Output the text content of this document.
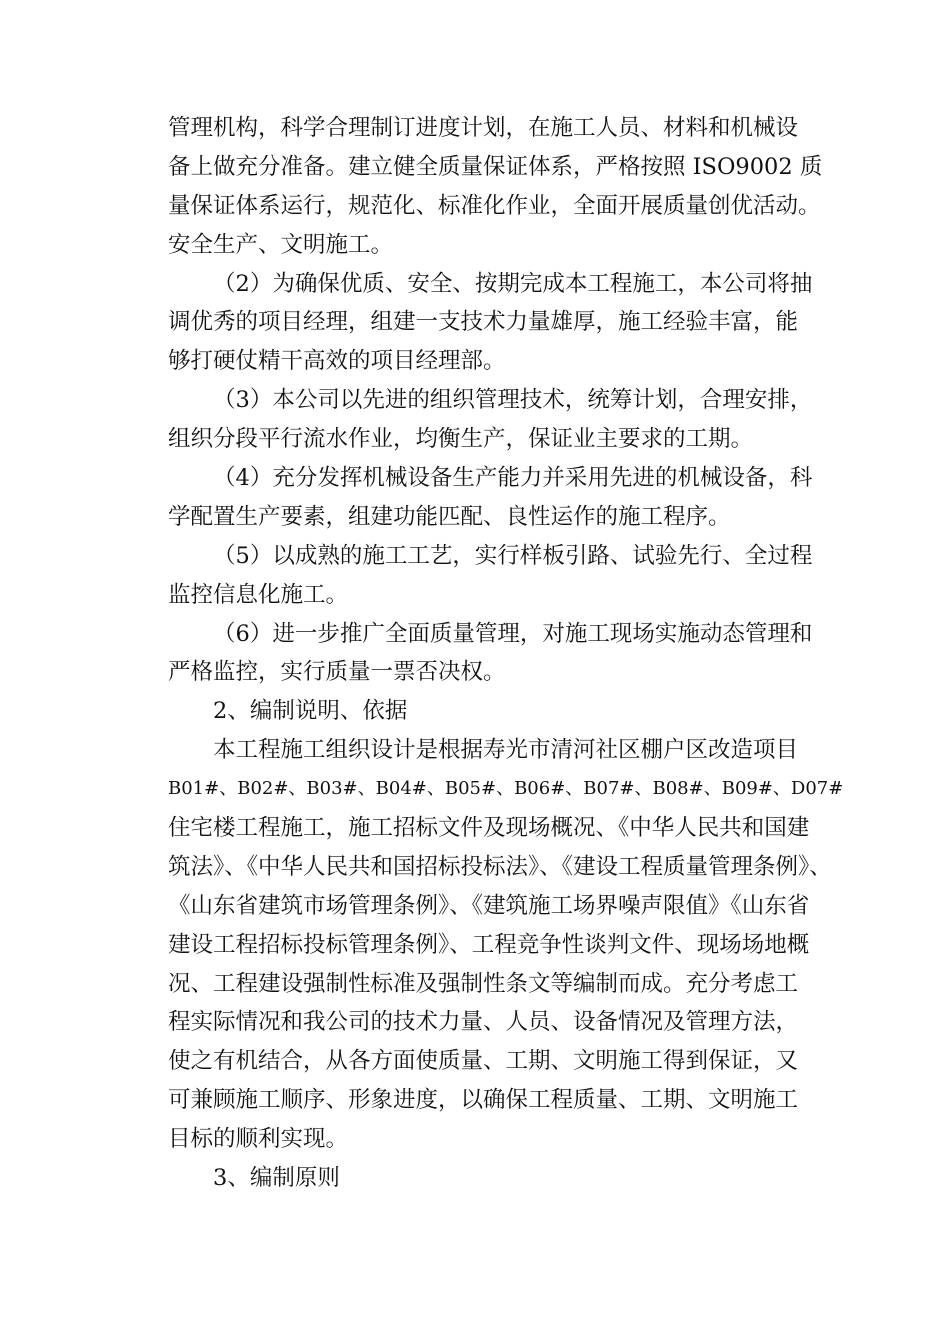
管理机构，科学合理制订进度计划，在施工人员、材料和机械设
备上做充分准备。建立健全质量保证体系，严格按照 ISO9002 质
量保证体系运行，规范化、标准化作业，全面开展质量创优活动。
安全生产、文明施工。
（2）为确保优质、安全、按期完成本工程施工，本公司将抽
调优秀的项目经理，组建一支技术力量雄厚，施工经验丰富，能
够打硬仗精干高效的项目经理部。
（3）本公司以先进的组织管理技术，统筹计划，合理安排，
组织分段平行流水作业，均衡生产，保证业主要求的工期。
（4）充分发挥机械设备生产能力并采用先进的机械设备，科
学配置生产要素，组建功能匹配、良性运作的施工程序。
（5）以成熟的施工工艺，实行样板引路、试验先行、全过程
监控信息化施工。
（6）进一步推广全面质量管理，对施工现场实施动态管理和
严格监控，实行质量一票否决权。
2、编制说明、依据
本工程施工组织设计是根据寿光市清河社区棚户区改造项目
B01#、B02#、B03#、B04#、B05#、B06#、B07#、B08#、B09#、D07#
住宅楼工程施工，施工招标文件及现场概况、《中华人民共和国建
筑法》、《中华人民共和国招标投标法》、《建设工程质量管理条例》、
《山东省建筑市场管理条例》、《建筑施工场界噪声限值》《山东省
建设工程招标投标管理条例》、工程竞争性谈判文件、现场场地概
况、工程建设强制性标准及强制性条文等编制而成。充分考虑工
程实际情况和我公司的技术力量、人员、设备情况及管理方法，
使之有机结合，从各方面使质量、工期、文明施工得到保证，又
可兼顾施工顺序、形象进度，以确保工程质量、工期、文明施工
目标的顺利实现。
3、编制原则
